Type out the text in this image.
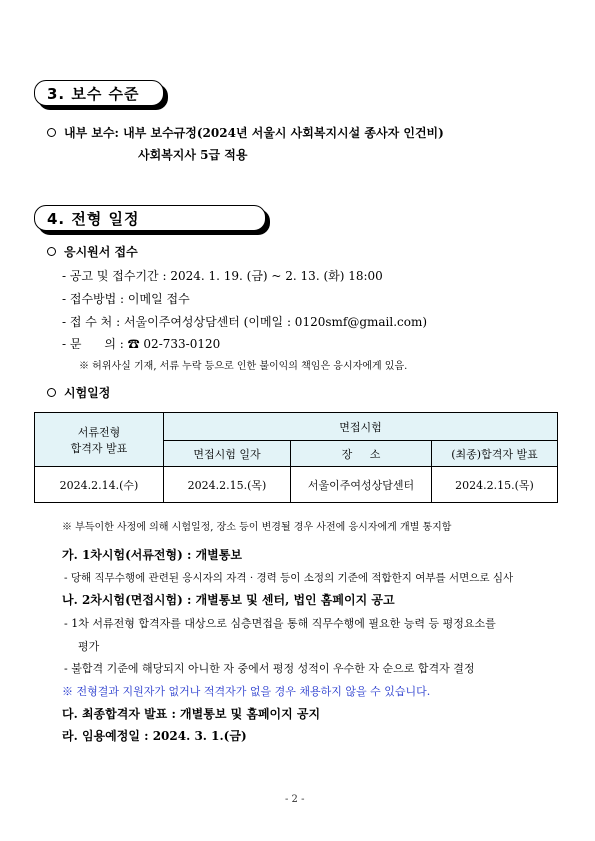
3. 보수 수준
내부 보수: 내부 보수규정(2024년 서울시 사회복지시설 종사자 인건비)
사회복지사 5급 적용
4. 전형 일정
응시원서 접수
- 공고 및 접수기간 : 2024. 1. 19. (금) ~ 2. 13. (화) 18:00
- 접수방법 : 이메일 접수
- 접 수 처 : 서울이주여성상담센터 (이메일 : 0120smf@gmail.com)
- 문      의 : ☎ 02-733-0120
※ 허위사실 기재, 서류 누락 등으로 인한 불이익의 책임은 응시자에게 있음.
시험일정
서류전형
합격자 발표	면접시험		
	면접시험 일자	장     소	(최종)합격자 발표
2024.2.14.(수)	2024.2.15.(목)	서울이주여성상담센터	2024.2.15.(목)
※ 부득이한 사정에 의해 시험일정, 장소 등이 변경될 경우 사전에 응시자에게 개별 통지함
가. 1차시험(서류전형) : 개별통보
- 당해 직무수행에 관련된 응시자의 자격 · 경력 등이 소정의 기준에 적합한지 여부를 서면으로 심사
나. 2차시험(면접시험) : 개별통보 및 센터, 법인 홈페이지 공고
- 1차 서류전형 합격자를 대상으로 심층면접을 통해 직무수행에 필요한 능력 등 평정요소를
평가
- 불합격 기준에 해당되지 아니한 자 중에서 평정 성적이 우수한 자 순으로 합격자 결정
※ 전형결과 지원자가 없거나 적격자가 없을 경우 채용하지 않을 수 있습니다.
다. 최종합격자 발표 : 개별통보 및 홈페이지 공지
라. 임용예정일 : 2024. 3. 1.(금)
- 2 -
